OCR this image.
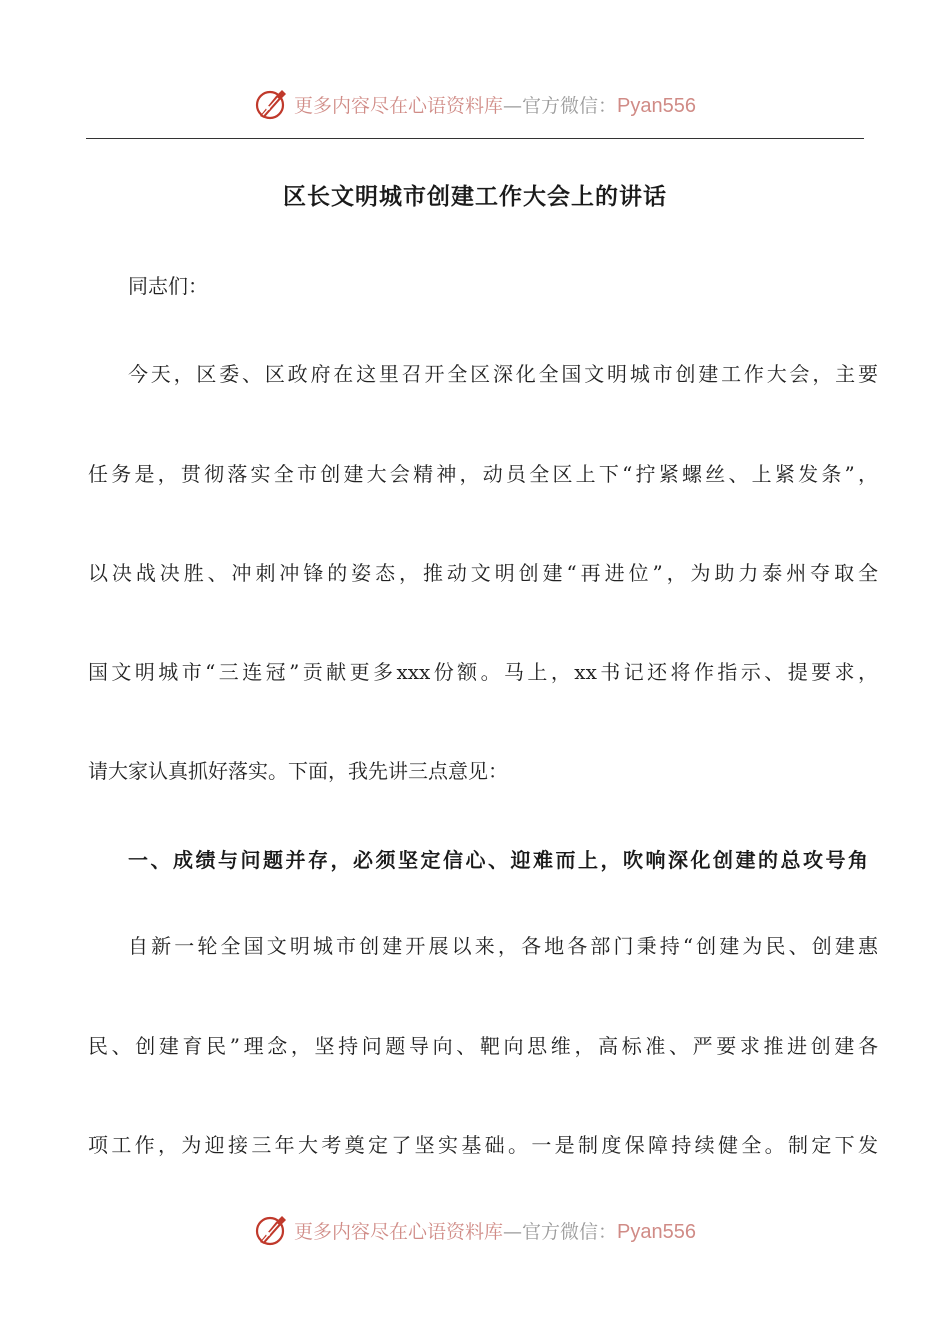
更多内容尽在心语资料库—官方微信：Pyan556
区长文明城市创建工作大会上的讲话
同志们：
今天，区委、区政府在这里召开全区深化全国文明城市创建工作大会，主要
任务是，贯彻落实全市创建大会精神，动员全区上下“拧紧螺丝、上紧发条”，
以决战决胜、冲刺冲锋的姿态，推动文明创建“再进位”，为助力泰州夺取全
国文明城市“三连冠”贡献更多xxx份额。马上，xx书记还将作指示、提要求，
请大家认真抓好落实。下面，我先讲三点意见：
一、成绩与问题并存，必须坚定信心、迎难而上，吹响深化创建的总攻号角
自新一轮全国文明城市创建开展以来，各地各部门秉持“创建为民、创建惠
民、创建育民”理念，坚持问题导向、靶向思维，高标准、严要求推进创建各
项工作，为迎接三年大考奠定了坚实基础。一是制度保障持续健全。制定下发
更多内容尽在心语资料库—官方微信：Pyan556
